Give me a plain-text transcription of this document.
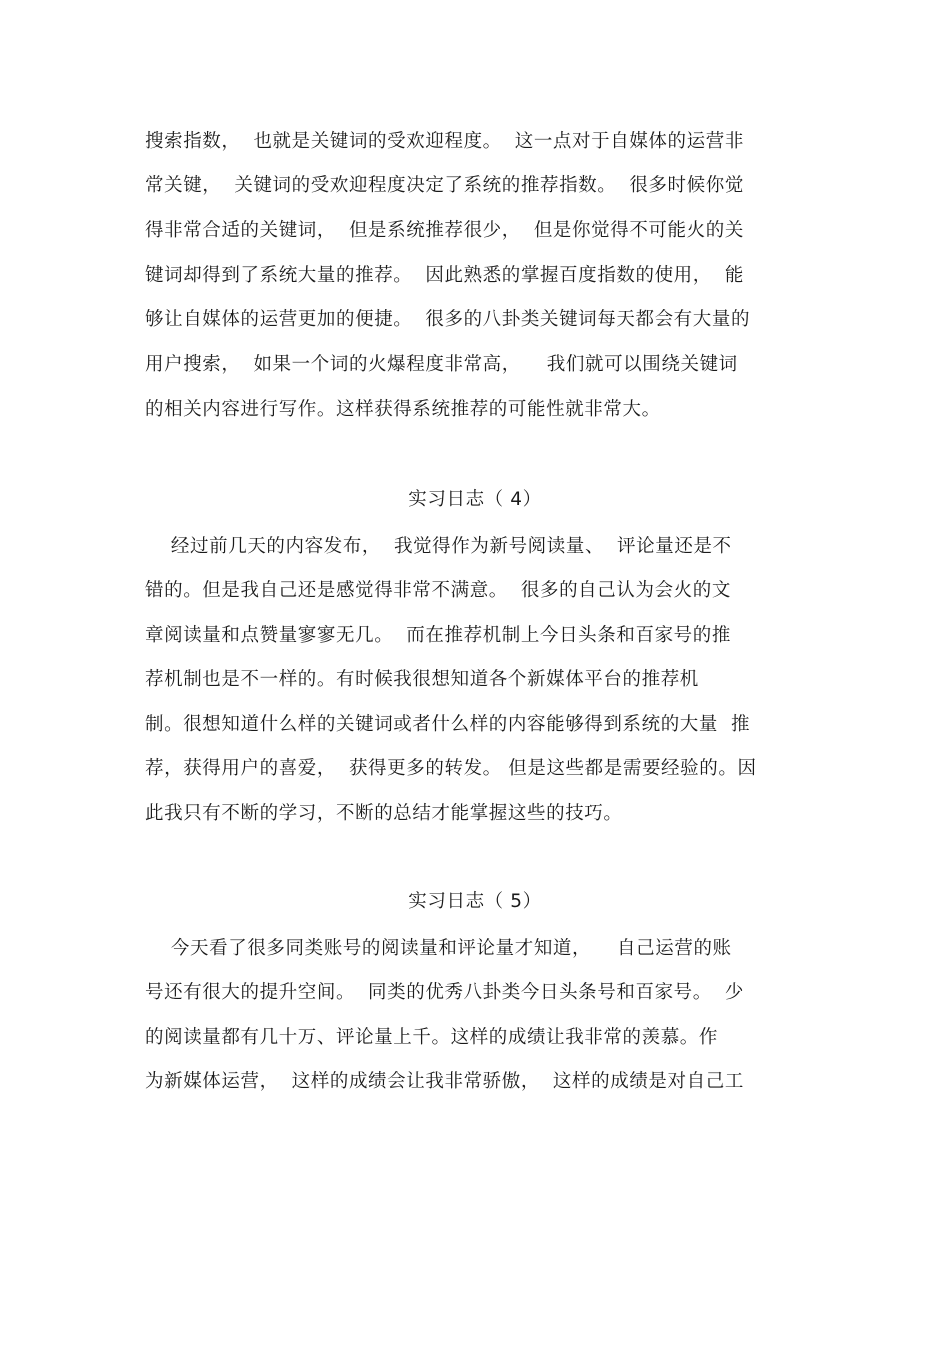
搜索指数，  也就是关键词的受欢迎程度。  这一点对于自媒体的运营非
常关键，  关键词的受欢迎程度决定了系统的推荐指数。  很多时候你觉
得非常合适的关键词，  但是系统推荐很少，  但是你觉得不可能火的关
键词却得到了系统大量的推荐。  因此熟悉的掌握百度指数的使用，  能
够让自媒体的运营更加的便捷。  很多的八卦类关键词每天都会有大量的
用户搜索，  如果一个词的火爆程度非常高，    我们就可以围绕关键词
的相关内容进行写作。这样获得系统推荐的可能性就非常大。
实习日志（ 4）
经过前几天的内容发布，  我觉得作为新号阅读量、  评论量还是不
错的。但是我自己还是感觉得非常不满意。  很多的自己认为会火的文
章阅读量和点赞量寥寥无几。  而在推荐机制上今日头条和百家号的推
荐机制也是不一样的。有时候我很想知道各个新媒体平台的推荐机
制。很想知道什么样的关键词或者什么样的内容能够得到系统的大量  推
荐，获得用户的喜爱，  获得更多的转发。 但是这些都是需要经验的。因
此我只有不断的学习，不断的总结才能掌握这些的技巧。
实习日志（ 5）
今天看了很多同类账号的阅读量和评论量才知道，    自己运营的账
号还有很大的提升空间。  同类的优秀八卦类今日头条号和百家号。  少
的阅读量都有几十万、评论量上千。这样的成绩让我非常的羡慕。作
为新媒体运营，  这样的成绩会让我非常骄傲，  这样的成绩是对自己工
